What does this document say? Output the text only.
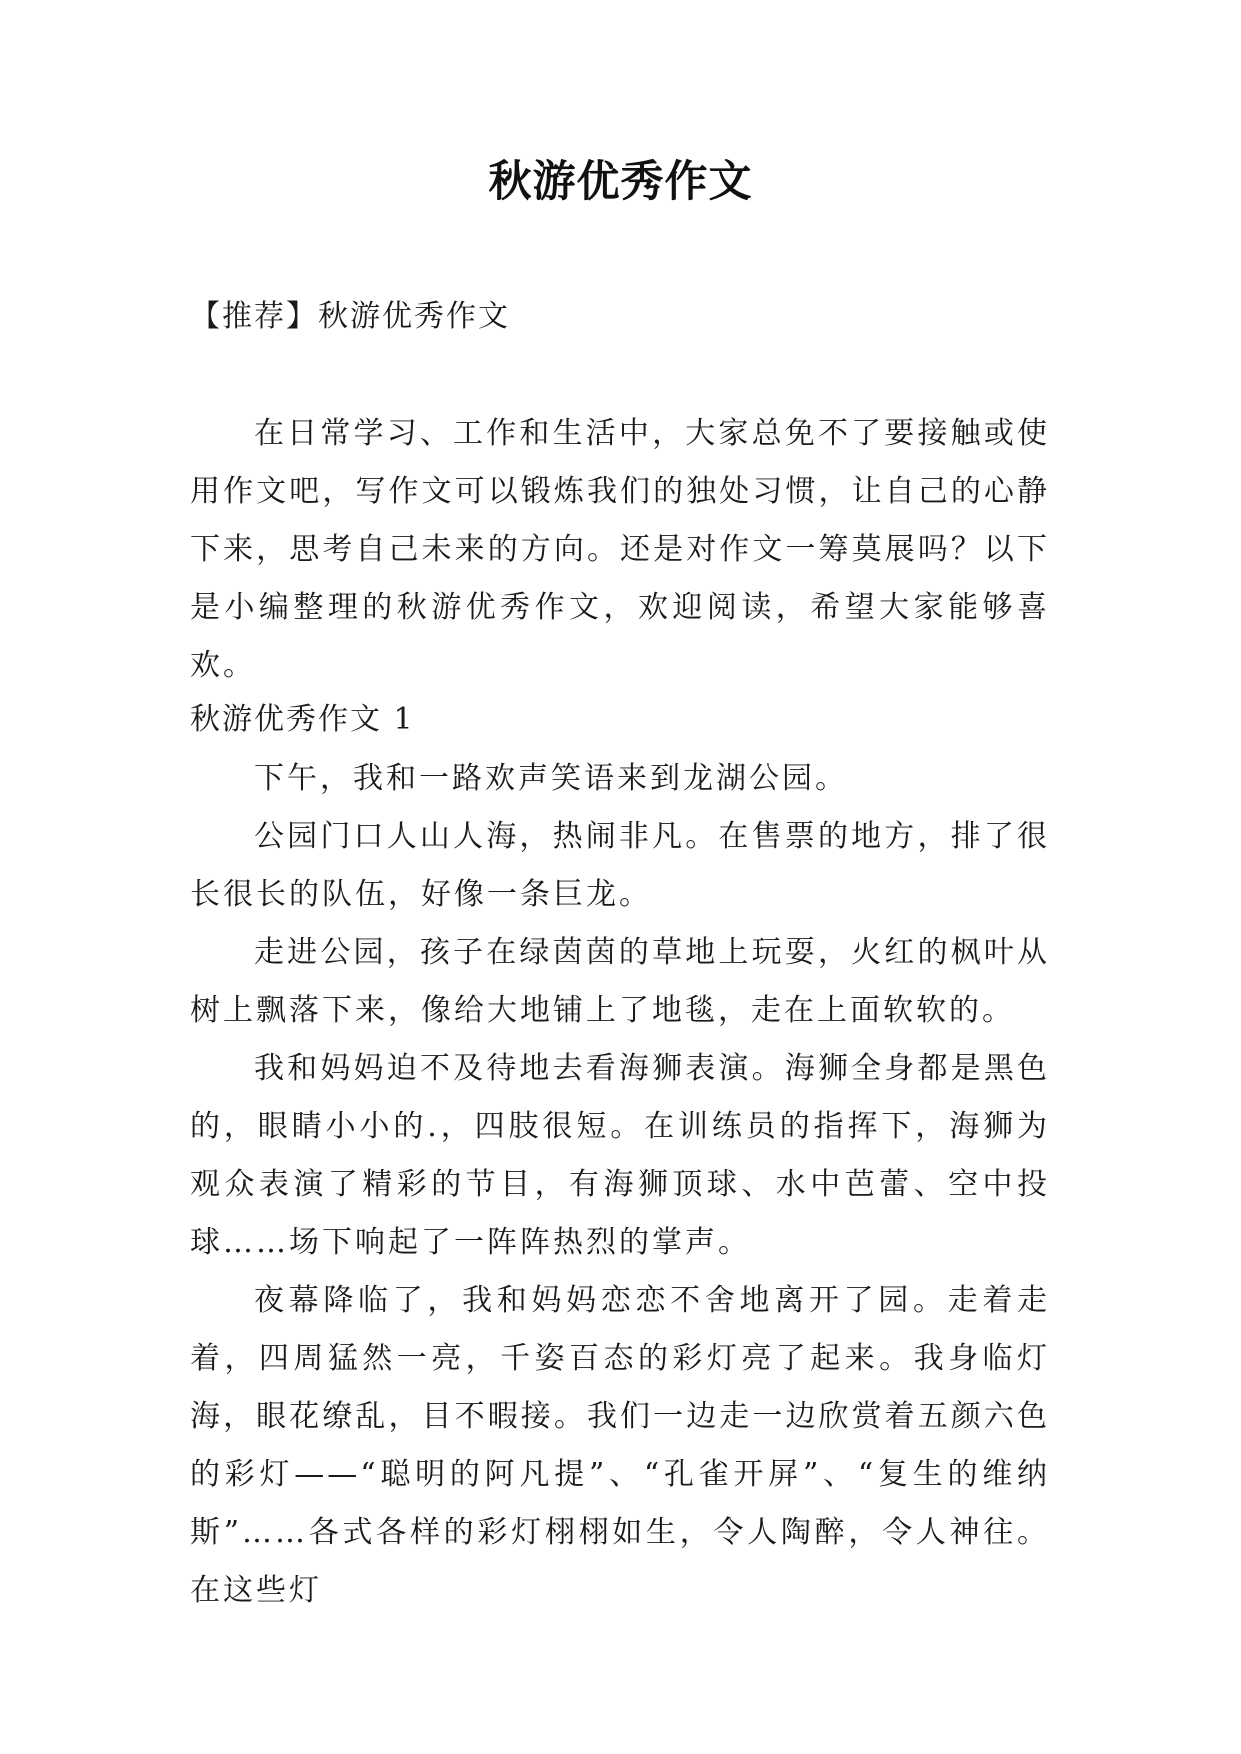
秋游优秀作文

【推荐】秋游优秀作文

在日常学习、工作和生活中，大家总免不了要接触或使用作文吧，写作文可以锻炼我们的独处习惯，让自己的心静下来，思考自己未来的方向。还是对作文一筹莫展吗？以下是小编整理的秋游优秀作文，欢迎阅读，希望大家能够喜欢。

秋游优秀作文 1

下午，我和一路欢声笑语来到龙湖公园。

公园门口人山人海，热闹非凡。在售票的地方，排了很长很长的队伍，好像一条巨龙。

走进公园，孩子在绿茵茵的草地上玩耍，火红的枫叶从树上飘落下来，像给大地铺上了地毯，走在上面软软的。

我和妈妈迫不及待地去看海狮表演。海狮全身都是黑色的，眼睛小小的.，四肢很短。在训练员的指挥下，海狮为观众表演了精彩的节目，有海狮顶球、水中芭蕾、空中投球……场下响起了一阵阵热烈的掌声。

夜幕降临了，我和妈妈恋恋不舍地离开了园。走着走着，四周猛然一亮，千姿百态的彩灯亮了起来。我身临灯海，眼花缭乱，目不暇接。我们一边走一边欣赏着五颜六色的彩灯——“聪明的阿凡提”、“孔雀开屏”、“复生的维纳斯”……各式各样的彩灯栩栩如生，令人陶醉，令人神往。在这些灯
